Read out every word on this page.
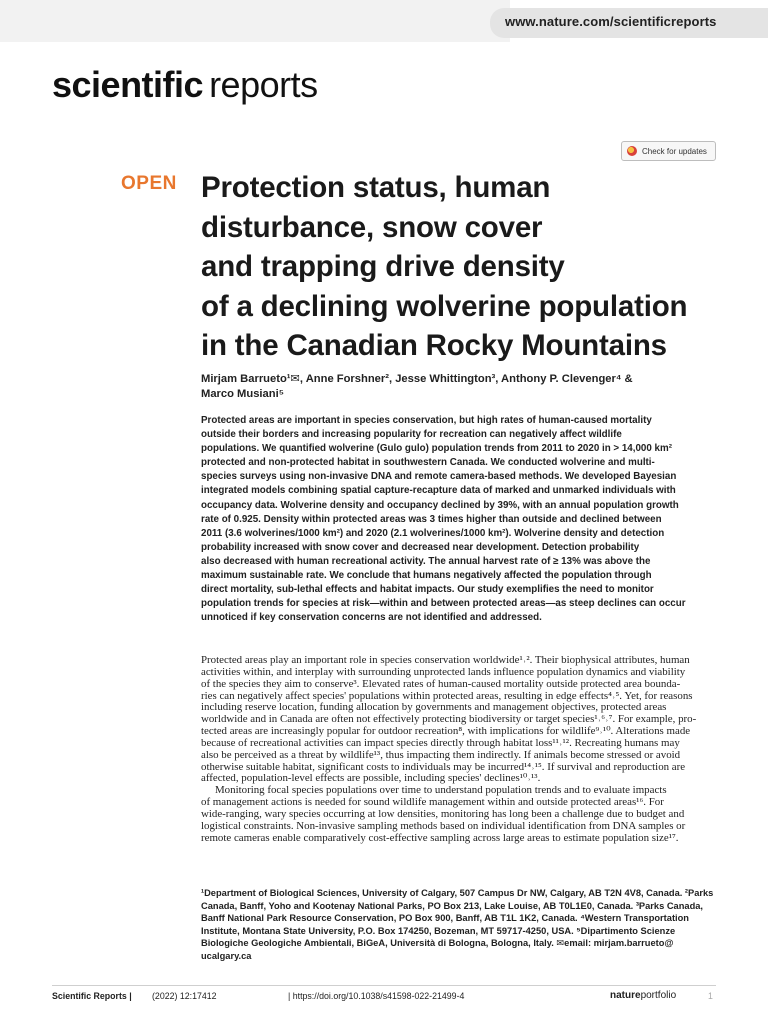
www.nature.com/scientificreports
scientific reports
Check for updates
OPEN Protection status, human
disturbance, snow cover
and trapping drive density
of a declining wolverine population
in the Canadian Rocky Mountains
Mirjam Barrueto¹✉, Anne Forshner², Jesse Whittington³, Anthony P. Clevenger⁴ &
Marco Musiani⁵
Protected areas are important in species conservation, but high rates of human-caused mortality
outside their borders and increasing popularity for recreation can negatively affect wildlife
populations. We quantified wolverine (Gulo gulo) population trends from 2011 to 2020 in > 14,000 km²
protected and non-protected habitat in southwestern Canada. We conducted wolverine and multi-
species surveys using non-invasive DNA and remote camera-based methods. We developed Bayesian
integrated models combining spatial capture-recapture data of marked and unmarked individuals with
occupancy data. Wolverine density and occupancy declined by 39%, with an annual population growth
rate of 0.925. Density within protected areas was 3 times higher than outside and declined between
2011 (3.6 wolverines/1000 km²) and 2020 (2.1 wolverines/1000 km²). Wolverine density and detection
probability increased with snow cover and decreased near development. Detection probability
also decreased with human recreational activity. The annual harvest rate of ≥ 13% was above the
maximum sustainable rate. We conclude that humans negatively affected the population through
direct mortality, sub-lethal effects and habitat impacts. Our study exemplifies the need to monitor
population trends for species at risk—within and between protected areas—as steep declines can occur
unnoticed if key conservation concerns are not identified and addressed.
Protected areas play an important role in species conservation worldwide¹˒². Their biophysical attributes, human
activities within, and interplay with surrounding unprotected lands influence population dynamics and viability
of the species they aim to conserve³. Elevated rates of human-caused mortality outside protected area bounda-
ries can negatively affect species' populations within protected areas, resulting in edge effects⁴˒⁵. Yet, for reasons
including reserve location, funding allocation by governments and management objectives, protected areas
worldwide and in Canada are often not effectively protecting biodiversity or target species¹˒⁶˒⁷. For example, pro-
tected areas are increasingly popular for outdoor recreation⁸, with implications for wildlife⁹˒¹⁰. Alterations made
because of recreational activities can impact species directly through habitat loss¹¹˒¹². Recreating humans may
also be perceived as a threat by wildlife¹³, thus impacting them indirectly. If animals become stressed or avoid
otherwise suitable habitat, significant costs to individuals may be incurred¹⁴˒¹⁵. If survival and reproduction are
affected, population-level effects are possible, including species' declines¹⁰˒¹³.
Monitoring focal species populations over time to understand population trends and to evaluate impacts
of management actions is needed for sound wildlife management within and outside protected areas¹⁶. For
wide-ranging, wary species occurring at low densities, monitoring has long been a challenge due to budget and
logistical constraints. Non-invasive sampling methods based on individual identification from DNA samples or
remote cameras enable comparatively cost-effective sampling across large areas to estimate population size¹⁷.
¹Department of Biological Sciences, University of Calgary, 507 Campus Dr NW, Calgary, AB T2N 4V8, Canada. ²Parks
Canada, Banff, Yoho and Kootenay National Parks, PO Box 213, Lake Louise, AB T0L1E0, Canada. ³Parks Canada,
Banff National Park Resource Conservation, PO Box 900, Banff, AB T1L 1K2, Canada. ⁴Western Transportation
Institute, Montana State University, P.O. Box 174250, Bozeman, MT 59717-4250, USA. ⁵Dipartimento Scienze
Biologiche Geologiche Ambientali, BiGeA, Università di Bologna, Bologna, Italy. ✉email: mirjam.barrueto@
ucalgary.ca
Scientific Reports | (2022) 12:17412	| https://doi.org/10.1038/s41598-022-21499-4	natureportfolio	1
